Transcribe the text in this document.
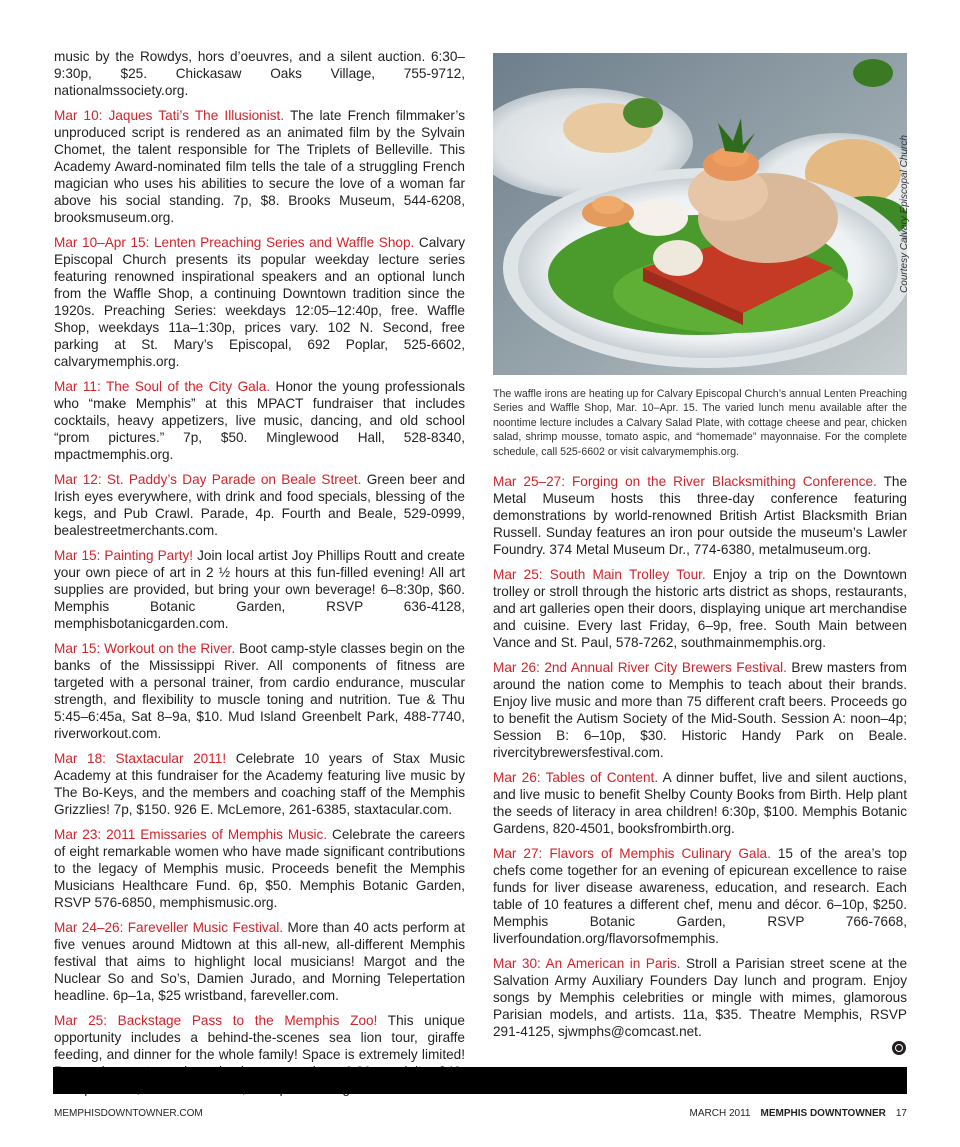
music by the Rowdys, hors d’oeuvres, and a silent auction. 6:30–9:30p, $25. Chickasaw Oaks Village, 755-9712, nationalmssociety.org.

Mar 10: Jaques Tati’s The Illusionist. The late French filmmaker’s unproduced script is rendered as an animated film by the Sylvain Chomet, the talent responsible for The Triplets of Belleville. This Academy Award-nominated film tells the tale of a struggling French magician who uses his abilities to secure the love of a woman far above his social standing. 7p, $8. Brooks Museum, 544-6208, brooksmuseum.org.

Mar 10–Apr 15: Lenten Preaching Series and Waffle Shop. Calvary Episcopal Church presents its popular weekday lecture series featuring renowned inspirational speakers and an optional lunch from the Waffle Shop, a continuing Downtown tradition since the 1920s. Preaching Series: weekdays 12:05–12:40p, free. Waffle Shop, weekdays 11a–1:30p, prices vary. 102 N. Second, free parking at St. Mary’s Episcopal, 692 Poplar, 525-6602, calvarymemphis.org.

Mar 11: The Soul of the City Gala. Honor the young professionals who “make Memphis” at this MPACT fundraiser that includes cocktails, heavy appetizers, live music, dancing, and old school “prom pictures.” 7p, $50. Minglewood Hall, 528-8340, mpactmemphis.org.

Mar 12: St. Paddy’s Day Parade on Beale Street. Green beer and Irish eyes everywhere, with drink and food specials, blessing of the kegs, and Pub Crawl. Parade, 4p. Fourth and Beale, 529-0999, bealestreetmerchants.com.

Mar 15: Painting Party! Join local artist Joy Phillips Routt and create your own piece of art in 2 ½ hours at this fun-filled evening! All art supplies are provided, but bring your own beverage! 6–8:30p, $60. Memphis Botanic Garden, RSVP 636-4128, memphisbotanicgarden.com.

Mar 15: Workout on the River. Boot camp-style classes begin on the banks of the Mississippi River. All components of fitness are targeted with a personal trainer, from cardio endurance, muscular strength, and flexibility to muscle toning and nutrition. Tue & Thu 5:45–6:45a, Sat 8–9a, $10. Mud Island Greenbelt Park, 488-7740, riverworkout.com.

Mar 18: Staxtacular 2011! Celebrate 10 years of Stax Music Academy at this fundraiser for the Academy featuring live music by The Bo-Keys, and the members and coaching staff of the Memphis Grizzlies! 7p, $150. 926 E. McLemore, 261-6385, staxtacular.com.

Mar 23: 2011 Emissaries of Memphis Music. Celebrate the careers of eight remarkable women who have made significant contributions to the legacy of Memphis music. Proceeds benefit the Memphis Musicians Healthcare Fund. 6p, $50. Memphis Botanic Garden, RSVP 576-6850, memphismusic.org.

Mar 24–26: Fareveller Music Festival. More than 40 acts perform at five venues around Midtown at this all-new, all-different Memphis festival that aims to highlight local musicians! Margot and the Nuclear So and So’s, Damien Jurado, and Morning Telepertation headline. 6p–1a, $25 wristband, fareveller.com.

Mar 25: Backstage Pass to the Memphis Zoo! This unique opportunity includes a behind-the-scenes sea lion tour, giraffe feeding, and dinner for the whole family! Space is extremely limited!

Courtesy Calvary Episcopal Church

The waffle irons are heating up for Calvary Episcopal Church’s annual Lenten Preaching Series and Waffle Shop, Mar. 10–Apr. 15. The varied lunch menu available after the noontime lecture includes a Calvary Salad Plate, with cottage cheese and pear, chicken salad, shrimp mousse, tomato aspic, and “homemade” mayonnaise. For the complete schedule, call 525-6602 or visit calvarymemphis.org.

Mar 25–27: Forging on the River Blacksmithing Conference. The Metal Museum hosts this three-day conference featuring demonstrations by world-renowned British Artist Blacksmith Brian Russell. Sunday features an iron pour outside the museum’s Lawler Foundry. 374 Metal Museum Dr., 774-6380, metalmuseum.org.

Mar 25: South Main Trolley Tour. Enjoy a trip on the Downtown trolley or stroll through the historic arts district as shops, restaurants, and art galleries open their doors, displaying unique art merchandise and cuisine. Every last Friday, 6–9p, free. South Main between Vance and St. Paul, 578-7262, southmainmemphis.org.

Mar 26: 2nd Annual River City Brewers Festival. Brew masters from around the nation come to Memphis to teach about their brands. Enjoy live music and more than 75 different craft beers. Proceeds go to benefit the Autism Society of the Mid-South. Session A: noon–4p; Session B: 6–10p, $30. Historic Handy Park on Beale. rivercitybrewersfestival.com.

Mar 26: Tables of Content. A dinner buffet, live and silent auctions, and live music to benefit Shelby County Books from Birth. Help plant the seeds of literacy in area children! 6:30p, $100. Memphis Botanic Gardens, 820-4501, booksfrombirth.org.

Mar 27: Flavors of Memphis Culinary Gala. 15 of the area’s top chefs come together for an evening of epicurean excellence to raise funds for liver disease awareness, education, and research. Each table of 10 features a different chef, menu and décor. 6–10p, $250. Memphis Botanic Garden, RSVP 766-7668, liverfoundation.org/flavorsofmemphis.

Mar 30: An American in Paris. Stroll a Parisian street scene at the Salvation Army Auxiliary Founders Day lunch and program. Enjoy songs by Memphis celebrities or mingle with mimes, glamorous Parisian models, and artists. 11a, $35. Theatre Memphis, RSVP 291-4125, sjwmphs@comcast.net.

MEMPHISDOWNTOWNER.COM	MARCH 2011 MEMPHIS DOWNTOWNER 17
